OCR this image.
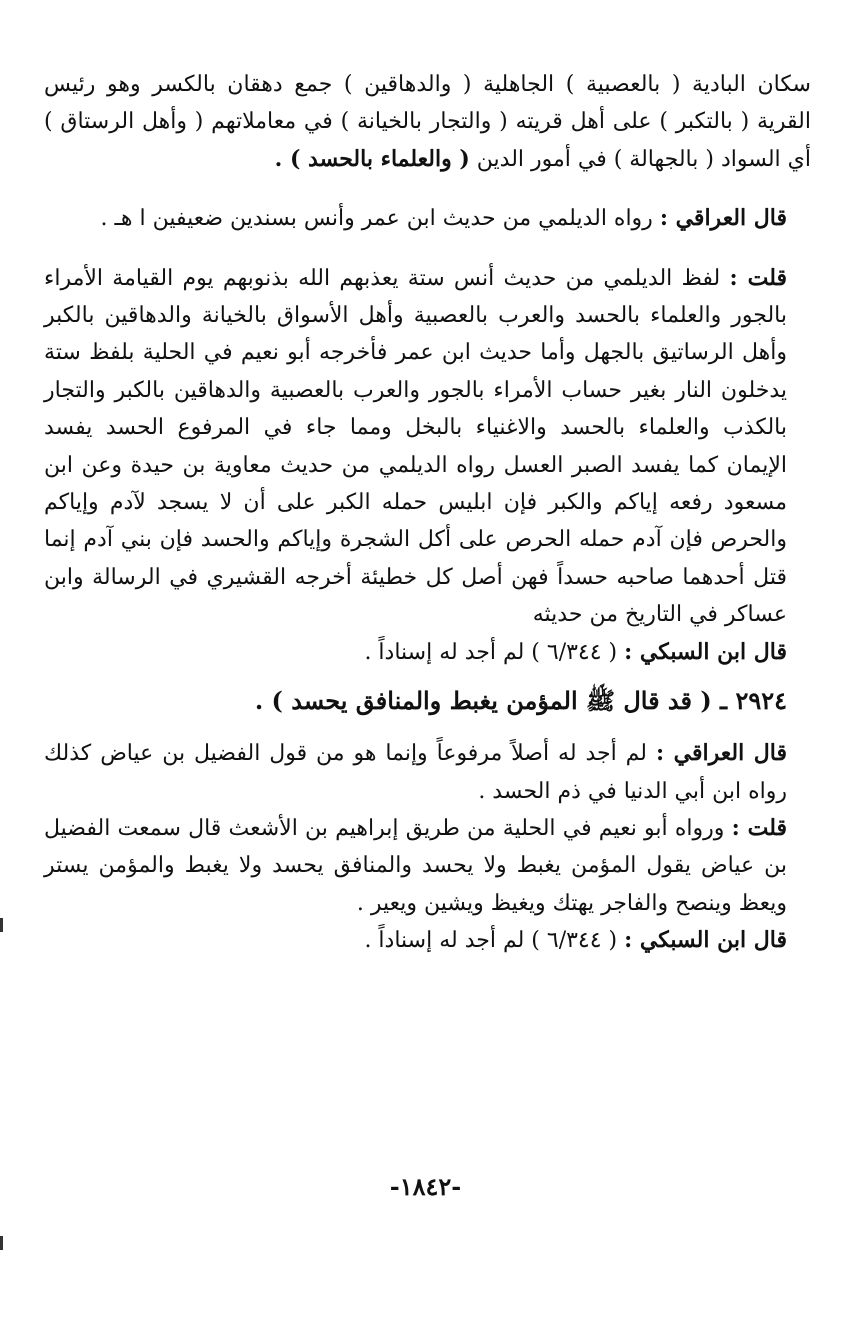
سكان البادية ( بالعصبية ) الجاهلية ( والدهاقين ) جمع دهقان بالكسر وهو رئيس القرية ( بالتكبر ) على أهل قريته ( والتجار بالخيانة ) في معاملاتهم ( وأهل الرستاق ) أي السواد ( بالجهالة ) في أمور الدين ( والعلماء بالحسد ) .

قال العراقي : رواه الديلمي من حديث ابن عمر وأنس بسندين ضعيفين ا هـ .

قلت : لفظ الديلمي من حديث أنس ستة يعذبهم الله بذنوبهم يوم القيامة الأمراء بالجور والعلماء بالحسد والعرب بالعصبية وأهل الأسواق بالخيانة والدهاقين بالكبر وأهل الرساتيق بالجهل وأما حديث ابن عمر فأخرجه أبو نعيم في الحلية بلفظ ستة يدخلون النار بغير حساب الأمراء بالجور والعرب بالعصبية والدهاقين بالكبر والتجار بالكذب والعلماء بالحسد والاغنياء بالبخل ومما جاء في المرفوع الحسد يفسد الإيمان كما يفسد الصبر العسل رواه الديلمي من حديث معاوية بن حيدة وعن ابن مسعود رفعه إياكم والكبر فإن ابليس حمله الكبر على أن لا يسجد لآدم وإياكم والحرص فإن آدم حمله الحرص على أكل الشجرة وإياكم والحسد فإن بني آدم إنما قتل أحدهما صاحبه حسداً فهن أصل كل خطيئة أخرجه القشيري في الرسالة وابن عساكر في التاريخ من حديثه

قال ابن السبكي : ( ٦/٣٤٤ ) لم أجد له إسناداً .

٢٩٢٤ ـ ( قد قال ﷺ المؤمن يغبط والمنافق يحسد ) .

قال العراقي : لم أجد له أصلاً مرفوعاً وإنما هو من قول الفضيل بن عياض كذلك رواه ابن أبي الدنيا في ذم الحسد .

قلت : ورواه أبو نعيم في الحلية من طريق إبراهيم بن الأشعث قال سمعت الفضيل بن عياض يقول المؤمن يغبط ولا يحسد والمنافق يحسد ولا يغبط والمؤمن يستر ويعظ وينصح والفاجر يهتك ويغيظ ويشين ويعير .

قال ابن السبكي : ( ٦/٣٤٤ ) لم أجد له إسناداً .

-١٨٤٢-
